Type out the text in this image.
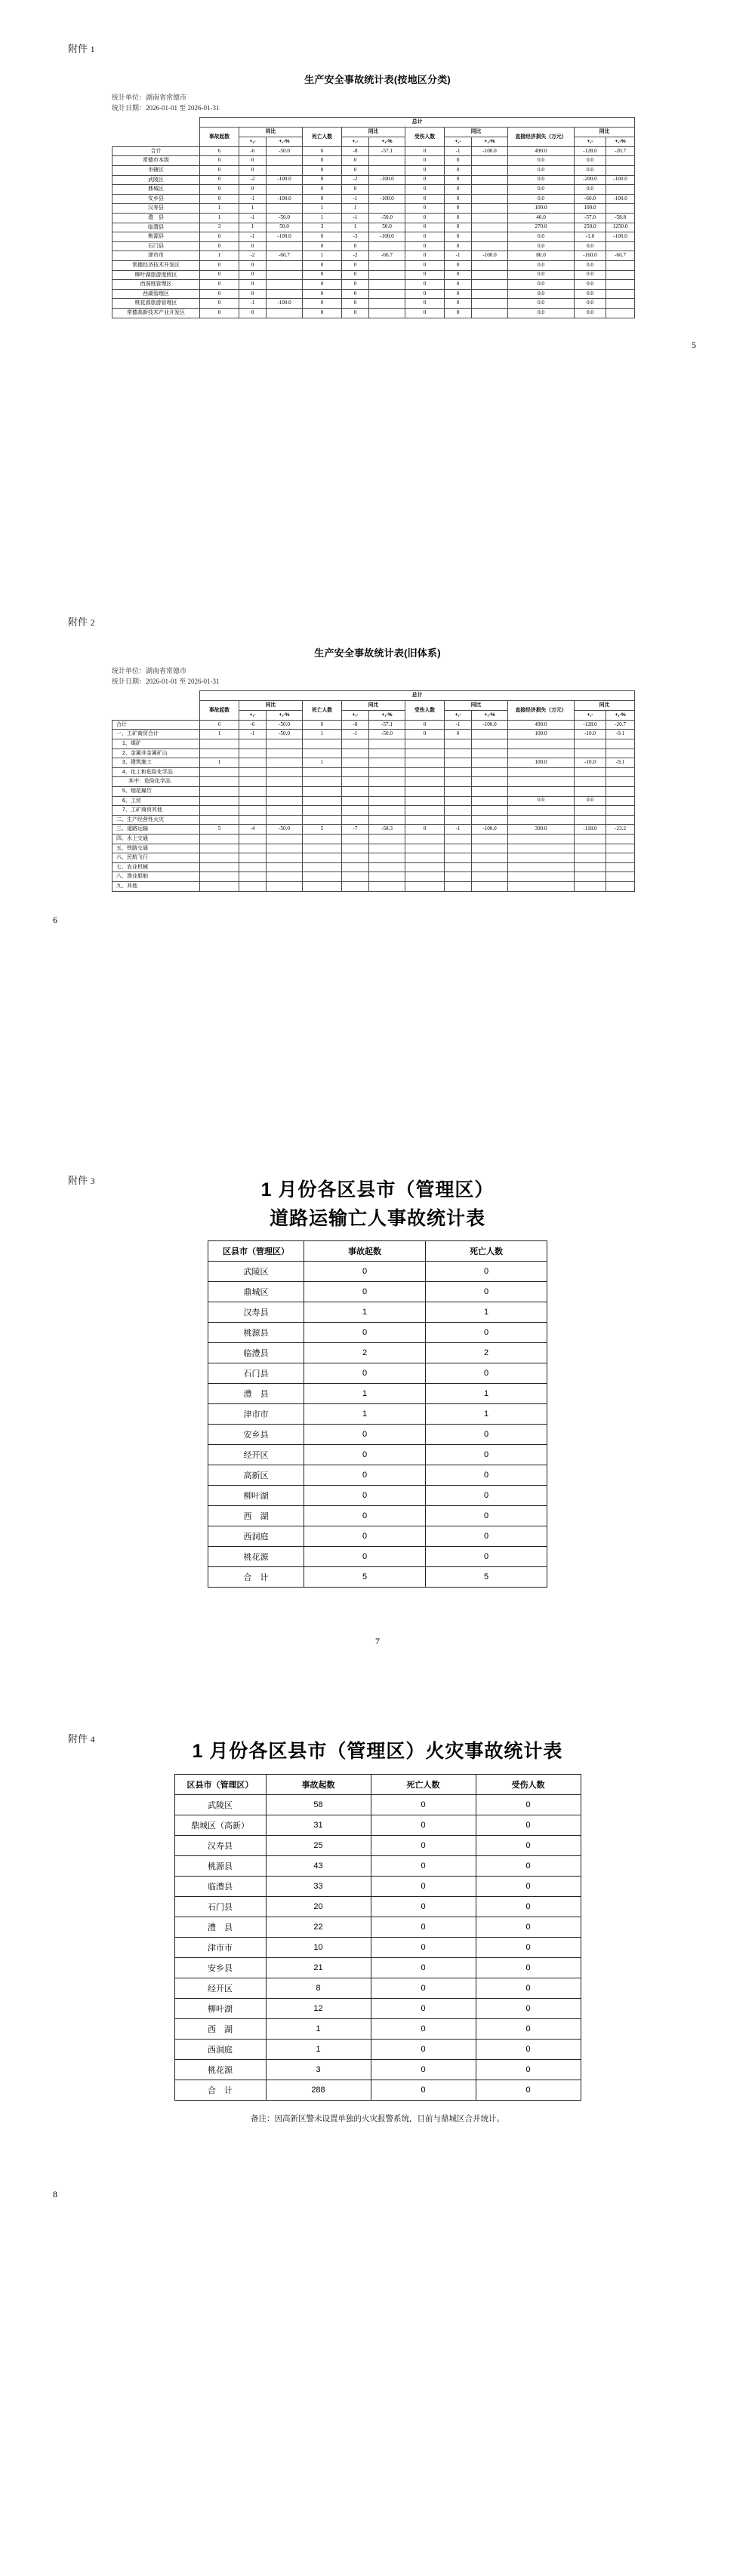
附件 1
生产安全事故统计表(按地区分类)
统计单位：湖南省常德市
统计日期：2026-01-01 至 2026-01-31
	总计											
	事故起数	同比		死亡人数	同比		受伤人数	同比		直接经济损失（万元）	同比	
		+,-	+,-%		+,-	+,-%		+,-	+,-%		+,-	+,-%
合计	6	-6	-50.0	6	-8	-57.1	0	-1	-100.0	490.0	-128.0	-20.7
常德市本级	0	0		0	0		0	0		0.0	0.0	
市辖区	0	0		0	0		0	0		0.0	0.0	
武陵区	0	-2	-100.0	0	-2	-100.0	0	0		0.0	-200.0	-100.0
鼎城区	0	0		0	0		0	0		0.0	0.0	
安乡县	0	-1	-100.0	0	-1	-100.0	0	0		0.0	-60.0	-100.0
汉寿县	1	1		1	1		0	0		100.0	100.0	
澧　县	1	-1	-50.0	1	-1	-50.0	0	0		40.0	-57.0	-58.8
临澧县	3	1	50.0	3	1	50.0	0	0		270.0	250.0	1250.0
桃源县	0	-1	-100.0	0	-3	-100.0	0	0		0.0	-1.0	-100.0
石门县	0	0		0	0		0	0		0.0	0.0	
津市市	1	-2	-66.7	1	-2	-66.7	0	-1	-100.0	80.0	-160.0	-66.7
常德经济技术开发区	0	0		0	0		0	0		0.0	0.0	
柳叶湖旅游度假区	0	0		0	0		0	0		0.0	0.0	
西洞庭管理区	0	0		0	0		0	0		0.0	0.0	
西湖管理区	0	0		0	0		0	0		0.0	0.0	
桃花源旅游管理区	0	-1	-100.0	0	0		0	0		0.0	0.0	
常德高新技术产业开发区	0	0		0	0		0	0		0.0	0.0	
5
附件 2
生产安全事故统计表(旧体系)
统计单位：湖南省常德市
统计日期：2026-01-01 至 2026-01-31
	总计											
	事故起数	同比		死亡人数	同比		受伤人数	同比		直接经济损失（万元）	同比	
		+,-	+,-%		+,-	+,-%		+,-	+,-%		+,-	+,-%
合计	6	-6	-50.0	6	-8	-57.1	0	-1	-100.0	490.0	-128.0	-20.7
一、工矿商贸合计	1	-1	-50.0	1	-1	-50.0	0	0		100.0	-10.0	-9.1
1、煤矿												
2、金属非金属矿山												
3、建筑施工	1			1						100.0	-10.0	-9.1
4、化工和危险化学品												
其中：危险化学品												
5、烟花爆竹												
6、工贸										0.0	0.0	
7、工矿商贸其他												
二、生产经营性火灾												
三、道路运输	5	-4	-50.0	5	-7	-58.3	0	-1	-100.0	390.0	-118.0	-23.2
四、水上交通												
五、铁路交通												
六、民航飞行												
七、农业机械												
八、渔业船舶												
九、其他												
6
附件 3	1 月份各区县市（管理区）
道路运输亡人事故统计表
区县市（管理区）	事故起数	死亡人数
武陵区	0	0
鼎城区	0	0
汉寿县	1	1
桃源县	0	0
临澧县	2	2
石门县	0	0
澧　县	1	1
津市市	1	1
安乡县	0	0
经开区	0	0
高新区	0	0
柳叶湖	0	0
西　湖	0	0
西洞庭	0	0
桃花源	0	0
合　计	5	5
7
附件 4
1 月份各区县市（管理区）火灾事故统计表
区县市（管理区）	事故起数	死亡人数	受伤人数
武陵区	58	0	0
鼎城区（高新）	31	0	0
汉寿县	25	0	0
桃源县	43	0	0
临澧县	33	0	0
石门县	20	0	0
澧　县	22	0	0
津市市	10	0	0
安乡县	21	0	0
经开区	8	0	0
柳叶湖	12	0	0
西　湖	1	0	0
西洞庭	1	0	0
桃花源	3	0	0
合　计	288	0	0
备注：因高新区警未设置单独的火灾报警系统，目前与鼎城区合并统计。
8
